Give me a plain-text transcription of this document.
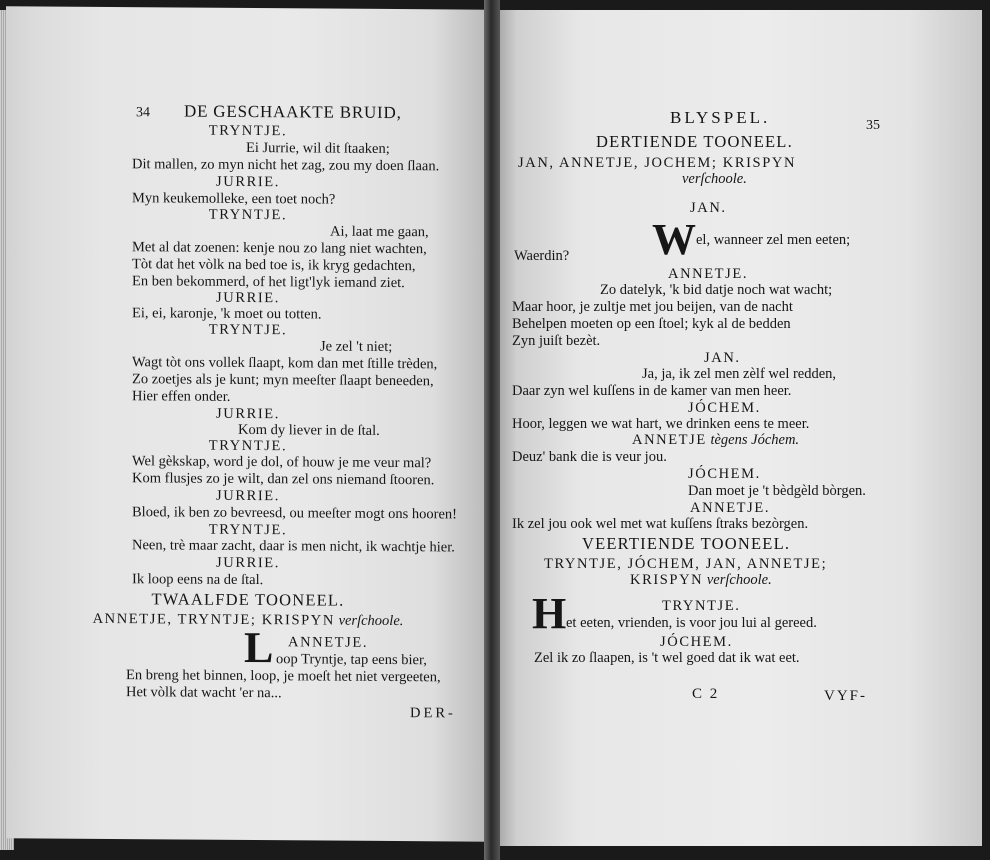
34 DE GESCHAAKTE BRUID,
TRYNTJE.
Ei Jurrie, wil dit ſtaaken;
Dit mallen, zo myn nicht het zag, zou my doen ſlaan.
JURRIE.
Myn keukemolleke, een toet noch?
TRYNTJE.
Ai, laat me gaan,
Met al dat zoenen: kenje nou zo lang niet wachten,
Tòt dat het vòlk na bed toe is, ik kryg gedachten,
En ben bekommerd, of het ligt'lyk iemand ziet.
JURRIE.
Ei, ei, karonje, 'k moet ou totten.
TRYNTJE.
Je zel 't niet;
Wagt tòt ons vollek ſlaapt, kom dan met ſtille trèden,
Zo zoetjes als je kunt; myn meeſter ſlaapt beneeden,
Hier effen onder.
JURRIE.
Kom dy liever in de ſtal.
TRYNTJE.
Wel gèkskap, word je dol, of houw je me veur mal?
Kom flusjes zo je wilt, dan zel ons niemand ſtooren.
JURRIE.
Bloed, ik ben zo bevreesd, ou meeſter mogt ons hooren!
TRYNTJE.
Neen, trè maar zacht, daar is men nicht, ik wachtje hier.
JURRIE.
Ik loop eens na de ſtal.
TWAALFDE TOONEEL.
ANNETJE, TRYNTJE; KRISPYN verſchoole.
L ANNETJE.
oop Tryntje, tap eens bier,
En breng het binnen, loop, je moeſt het niet vergeeten,
Het vòlk dat wacht 'er na...
DER-
BLYSPEL.	35
DERTIENDE TOONEEL.
JAN, ANNETJE, JOCHEM; KRISPYN
verſchoole.
JAN.
W el, wanneer zel men eeten;
Waerdin?
ANNETJE.
Zo datelyk, 'k bid datje noch wat wacht;
Maar hoor, je zultje met jou beijen, van de nacht
Behelpen moeten op een ſtoel; kyk al de bedden
Zyn juiſt bezèt.
JAN.
Ja, ja, ik zel men zèlf wel redden,
Daar zyn wel kuſſens in de kamer van men heer.
JÓCHEM.
Hoor, leggen we wat hart, we drinken eens te meer.
ANNETJE tègens Jóchem.
Deuz' bank die is veur jou.
JÓCHEM.
Dan moet je 't bèdgèld bòrgen.
ANNETJE.
Ik zel jou ook wel met wat kuſſens ſtraks bezòrgen.
VEERTIENDE TOONEEL.
TRYNTJE, JÓCHEM, JAN, ANNETJE;
KRISPYN verſchoole.
TRYNTJE.
H et eeten, vrienden, is voor jou lui al gereed.
JÓCHEM.
Zel ik zo ſlaapen, is 't wel goed dat ik wat eet.
C 2	VYF-
